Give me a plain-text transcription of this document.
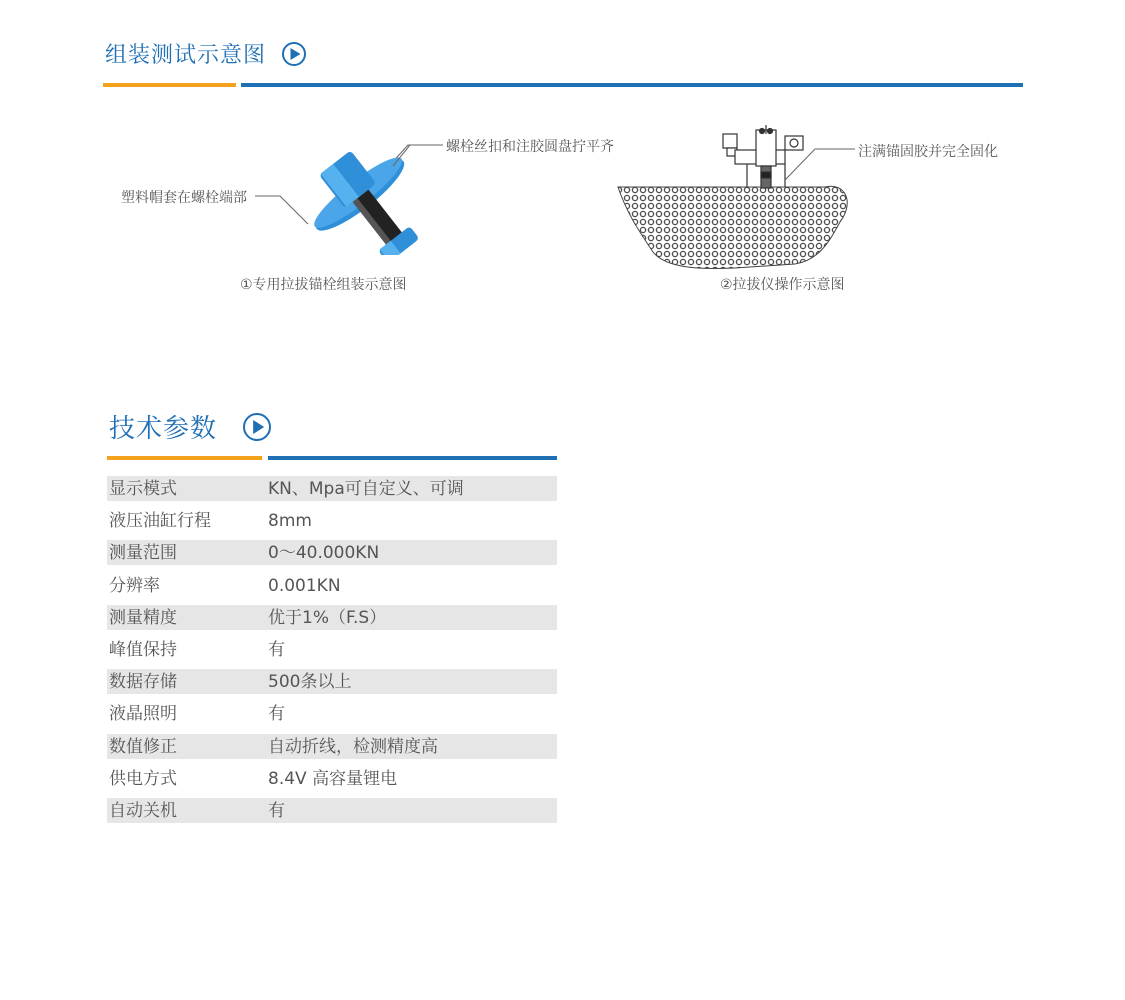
组装测试示意图
螺栓丝扣和注胶圆盘拧平齐
塑料帽套在螺栓端部
①专用拉拔锚栓组装示意图
注满锚固胶并完全固化
②拉拔仪操作示意图
技术参数
显示模式	KN、Mpa可自定义、可调
液压油缸行程	8mm
测量范围	0～40.000KN
分辨率	0.001KN
测量精度	优于1%（F.S）
峰值保持	有
数据存储	500条以上
液晶照明	有
数值修正	自动折线，检测精度高
供电方式	8.4V 高容量锂电
自动关机	有
